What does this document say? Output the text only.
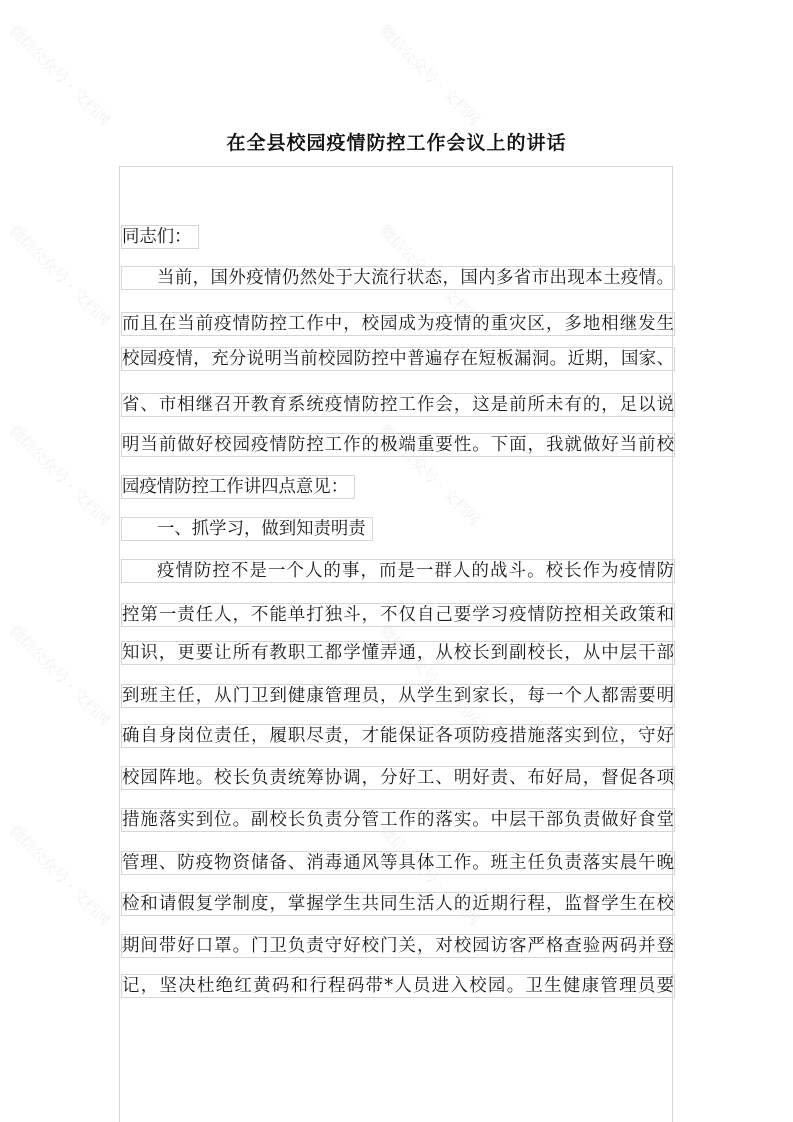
微信公众号 · 文档网	微信公众号 · 文档网
微信公众号 · 文档网	微信公众号 · 文档网
微信公众号 · 文档网	微信公众号 · 文档网
微信公众号 · 文档网	微信公众号 · 文档网
微信公众号 · 文档网	微信公众号 · 文档网
在全县校园疫情防控工作会议上的讲话
同志们：
当前，国外疫情仍然处于大流行状态，国内多省市出现本土疫情。
而且在当前疫情防控工作中，校园成为疫情的重灾区，多地相继发生
校园疫情，充分说明当前校园防控中普遍存在短板漏洞。近期，国家、
省、市相继召开教育系统疫情防控工作会，这是前所未有的，足以说
明当前做好校园疫情防控工作的极端重要性。下面，我就做好当前校
园疫情防控工作讲四点意见：
一、抓学习，做到知责明责
疫情防控不是一个人的事，而是一群人的战斗。校长作为疫情防
控第一责任人，不能单打独斗，不仅自己要学习疫情防控相关政策和
知识，更要让所有教职工都学懂弄通，从校长到副校长，从中层干部
到班主任，从门卫到健康管理员，从学生到家长，每一个人都需要明
确自身岗位责任，履职尽责，才能保证各项防疫措施落实到位，守好
校园阵地。校长负责统筹协调，分好工、明好责、布好局，督促各项
措施落实到位。副校长负责分管工作的落实。中层干部负责做好食堂
管理、防疫物资储备、消毒通风等具体工作。班主任负责落实晨午晚
检和请假复学制度，掌握学生共同生活人的近期行程，监督学生在校
期间带好口罩。门卫负责守好校门关，对校园访客严格查验两码并登
记，坚决杜绝红黄码和行程码带*人员进入校园。卫生健康管理员要
